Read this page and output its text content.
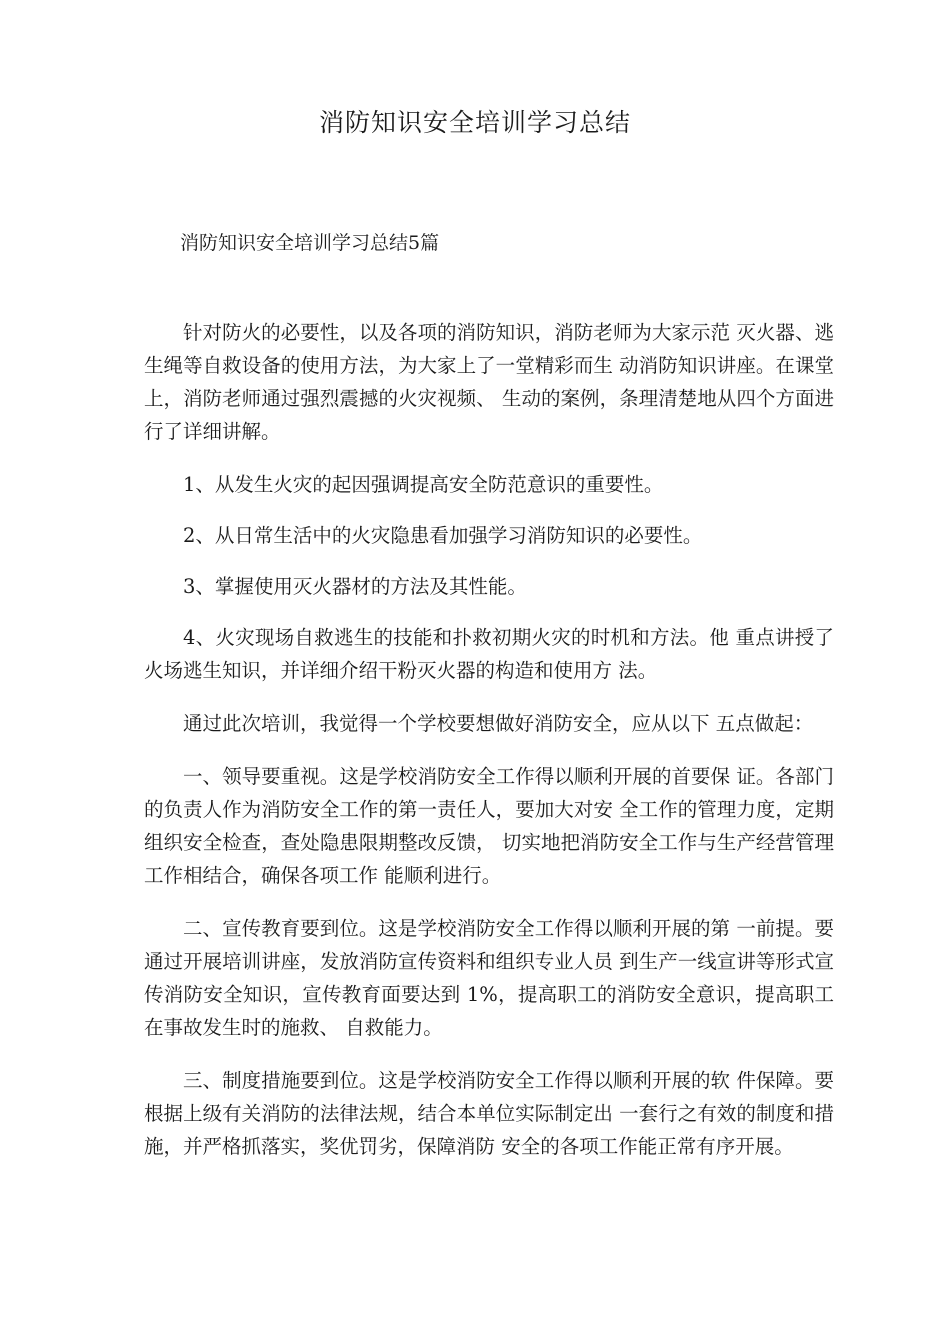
消防知识安全培训学习总结

消防知识安全培训学习总结5篇

针对防火的必要性，以及各项的消防知识，消防老师为大家示范 灭火器、逃生绳等自救设备的使用方法，为大家上了一堂精彩而生 动消防知识讲座。在课堂上，消防老师通过强烈震撼的火灾视频、 生动的案例，条理清楚地从四个方面进行了详细讲解。

1、从发生火灾的起因强调提高安全防范意识的重要性。

2、从日常生活中的火灾隐患看加强学习消防知识的必要性。

3、掌握使用灭火器材的方法及其性能。

4、火灾现场自救逃生的技能和扑救初期火灾的时机和方法。他 重点讲授了火场逃生知识，并详细介绍干粉灭火器的构造和使用方 法。

通过此次培训，我觉得一个学校要想做好消防安全，应从以下 五点做起：

一、领导要重视。这是学校消防安全工作得以顺利开展的首要保 证。各部门的负责人作为消防安全工作的第一责任人，要加大对安 全工作的管理力度，定期组织安全检查，查处隐患限期整改反馈， 切实地把消防安全工作与生产经营管理工作相结合，确保各项工作 能顺利进行。

二、宣传教育要到位。这是学校消防安全工作得以顺利开展的第 一前提。要通过开展培训讲座，发放消防宣传资料和组织专业人员 到生产一线宣讲等形式宣传消防安全知识，宣传教育面要达到 1%，提高职工的消防安全意识，提高职工在事故发生时的施救、 自救能力。

三、制度措施要到位。这是学校消防安全工作得以顺利开展的软 件保障。要根据上级有关消防的法律法规，结合本单位实际制定出 一套行之有效的制度和措施，并严格抓落实，奖优罚劣，保障消防 安全的各项工作能正常有序开展。
